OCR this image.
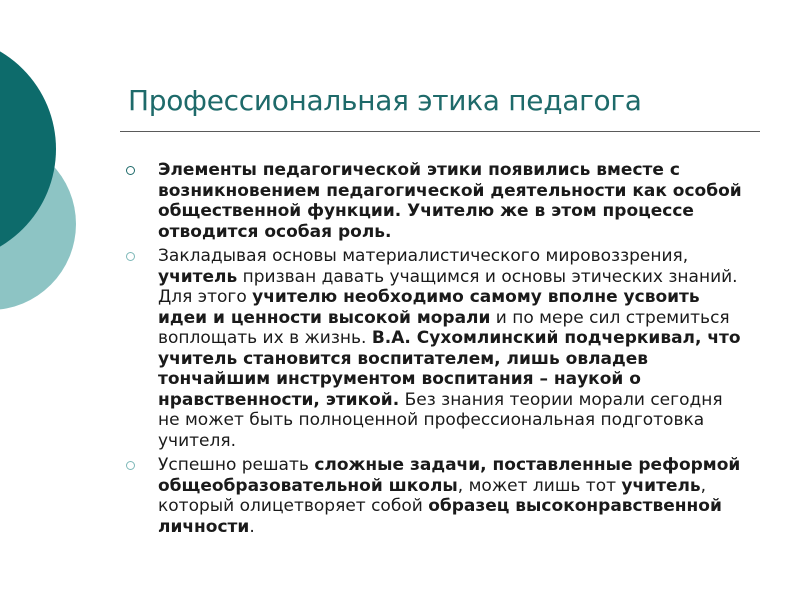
Профессиональная этика педагога
Элементы педагогической этики появились вместе с возникновением педагогической деятельности как особой общественной функции. Учителю же в этом процессе отводится особая роль.
Закладывая основы материалистического мировоззрения, учитель призван давать учащимся и основы этических знаний. Для этого учителю необходимо самому вполне усвоить идеи и ценности высокой морали и по мере сил стремиться воплощать их в жизнь. В.А. Сухомлинский подчеркивал, что учитель становится воспитателем, лишь овладев тончайшим инструментом воспитания – наукой о нравственности, этикой. Без знания теории морали сегодня не может быть полноценной профессиональная подготовка учителя.
Успешно решать сложные задачи, поставленные реформой общеобразовательной школы, может лишь тот учитель, который олицетворяет собой образец высоконравственной личности.
